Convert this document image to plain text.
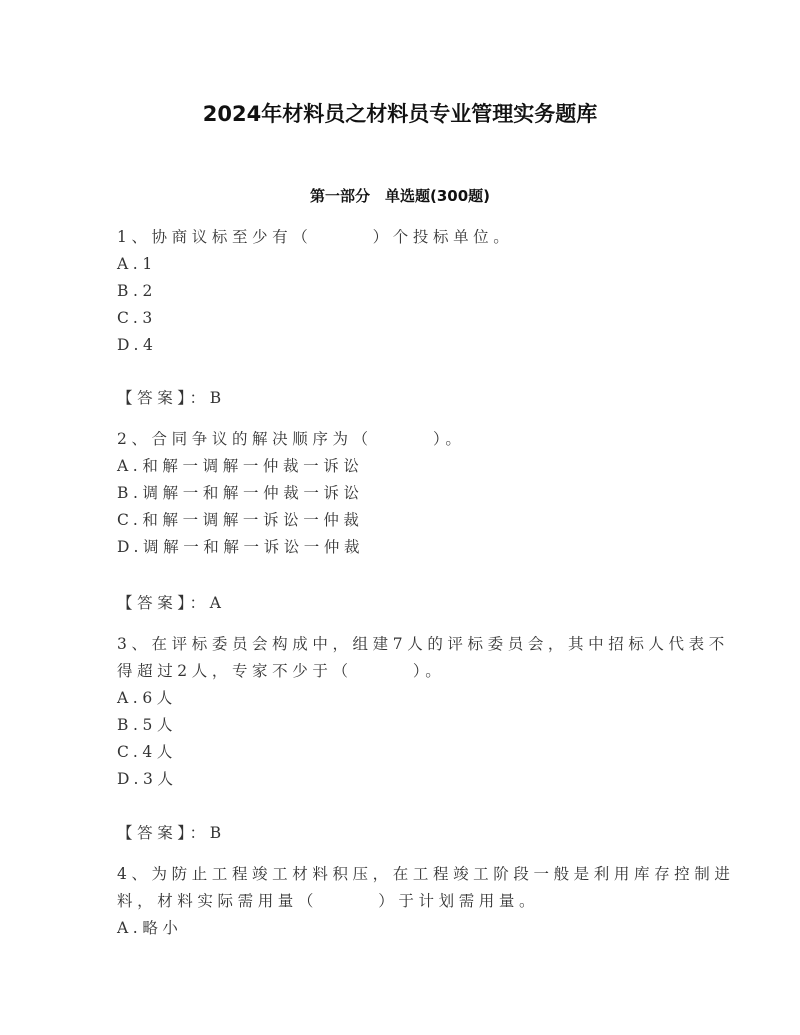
2024年材料员之材料员专业管理实务题库
第一部分　单选题(300题)
1、协商议标至少有（　　　）个投标单位。
A.1
B.2
C.3
D.4
【答案】：B
2、合同争议的解决顺序为（　　　）。
A.和解一调解一仲裁一诉讼
B.调解一和解一仲裁一诉讼
C.和解一调解一诉讼一仲裁
D.调解一和解一诉讼一仲裁
【答案】：A
3、在评标委员会构成中，组建7人的评标委员会，其中招标人代表不
得超过2人，专家不少于（　　　）。
A.6人
B.5人
C.4人
D.3人
【答案】：B
4、为防止工程竣工材料积压，在工程竣工阶段一般是利用库存控制进
料，材料实际需用量（　　　）于计划需用量。
A.略小
